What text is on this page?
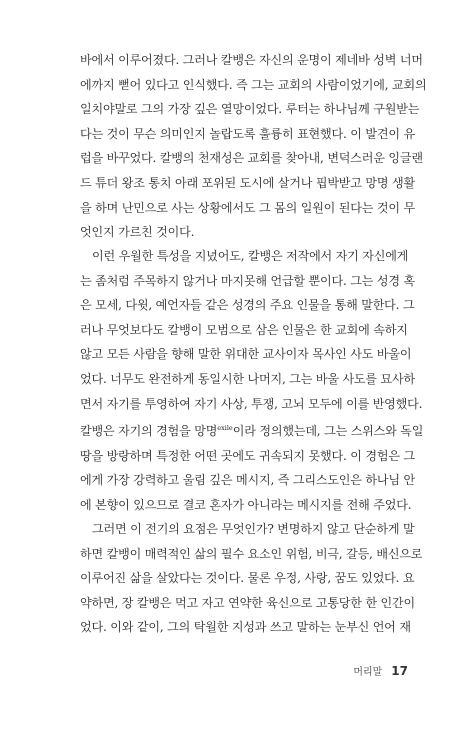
바에서 이루어졌다. 그러나 칼뱅은 자신의 운명이 제네바 성벽 너머
에까지 뻗어 있다고 인식했다. 즉 그는 교회의 사람이었기에, 교회의
일치야말로 그의 가장 깊은 열망이었다. 루터는 하나님께 구원받는
다는 것이 무슨 의미인지 놀랍도록 훌륭히 표현했다. 이 발견이 유
럽을 바꾸었다. 칼뱅의 천재성은 교회를 찾아내, 변덕스러운 잉글랜
드 튜더 왕조 통치 아래 포위된 도시에 살거나 핍박받고 망명 생활
을 하며 난민으로 사는 상황에서도 그 몸의 일원이 된다는 것이 무
엇인지 가르친 것이다.
이런 우월한 특성을 지녔어도, 칼뱅은 저작에서 자기 자신에게
는 좀처럼 주목하지 않거나 마지못해 언급할 뿐이다. 그는 성경 혹
은 모세, 다윗, 예언자들 같은 성경의 주요 인물을 통해 말한다. 그
러나 무엇보다도 칼뱅이 모범으로 삼은 인물은 한 교회에 속하지
않고 모든 사람을 향해 말한 위대한 교사이자 목사인 사도 바울이
었다. 너무도 완전하게 동일시한 나머지, 그는 바울 사도를 묘사하
면서 자기를 투영하여 자기 사상, 투쟁, 고뇌 모두에 이를 반영했다.
칼뱅은 자기의 경험을 망명$^{exile}$이라 정의했는데, 그는 스위스와 독일
땅을 방랑하며 특정한 어떤 곳에도 귀속되지 못했다. 이 경험은 그
에게 가장 강력하고 울림 깊은 메시지, 즉 그리스도인은 하나님 안
에 본향이 있으므로 결코 혼자가 아니라는 메시지를 전해 주었다.
그러면 이 전기의 요점은 무엇인가? 변명하지 않고 단순하게 말
하면 칼뱅이 매력적인 삶의 필수 요소인 위험, 비극, 갈등, 배신으로
이루어진 삶을 살았다는 것이다. 물론 우정, 사랑, 꿈도 있었다. 요
약하면, 장 칼뱅은 먹고 자고 연약한 육신으로 고통당한 한 인간이
었다. 이와 같이, 그의 탁월한 지성과 쓰고 말하는 눈부신 언어 재
머리말 17
